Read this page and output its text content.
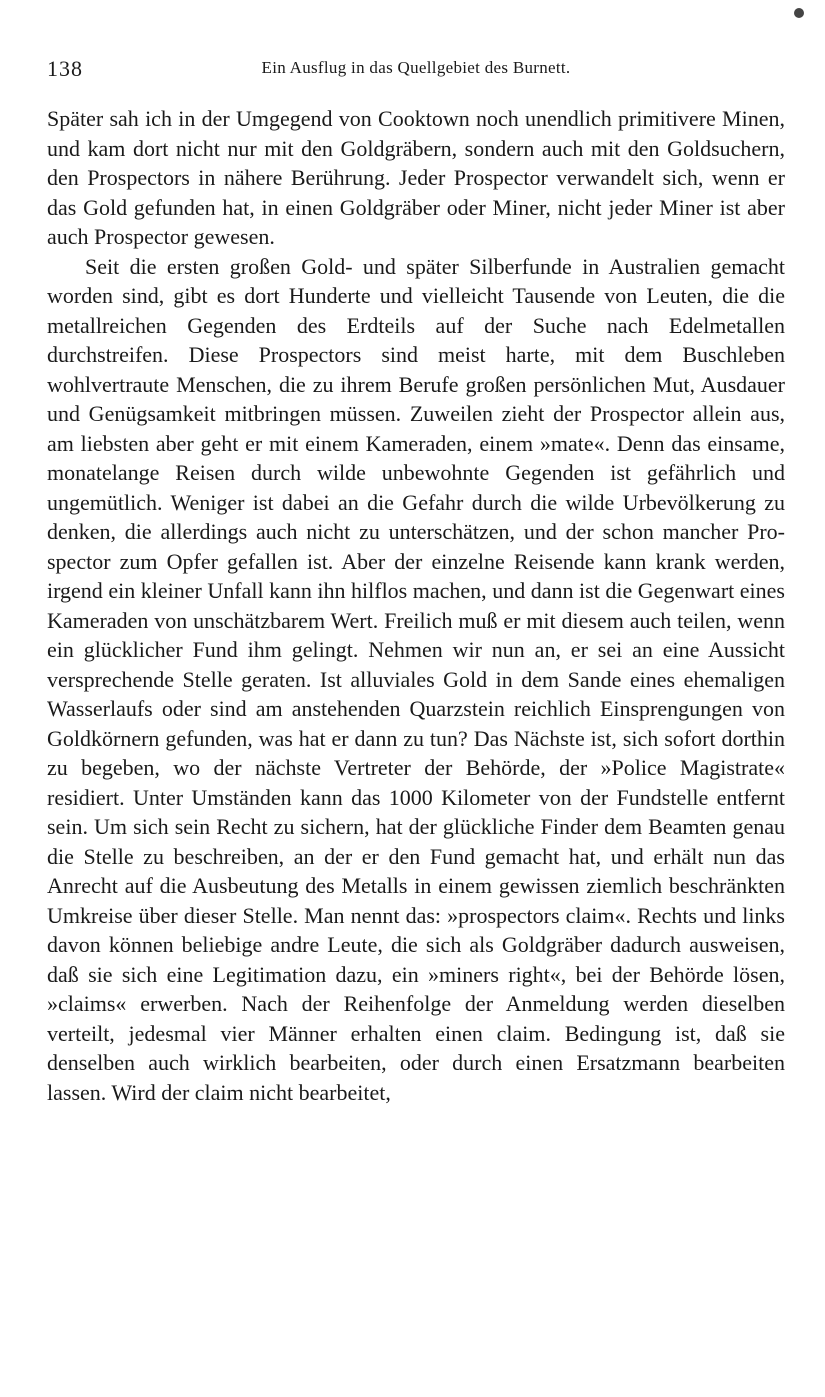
138	Ein Ausflug in das Quellgebiet des Burnett.

Später sah ich in der Umgegend von Cooktown noch unendlich primitivere Minen, und kam dort nicht nur mit den Goldgräbern, sondern auch mit den Goldsuchern, den Prospectors in nähere Berührung. Jeder Prospector verwandelt sich, wenn er das Gold gefunden hat, in einen Goldgräber oder Miner, nicht jeder Miner ist aber auch Prospector gewesen.

Seit die ersten großen Gold- und später Silberfunde in Australien gemacht worden sind, gibt es dort Hunderte und vielleicht Tausende von Leuten, die die metallreichen Gegenden des Erdteils auf der Suche nach Edelmetallen durchstreifen. Diese Prospectors sind meist harte, mit dem Buschleben wohlvertraute Menschen, die zu ihrem Berufe großen persönlichen Mut, Ausdauer und Genügsamkeit mitbringen müssen. Zuweilen zieht der Prospector allein aus, am liebsten aber geht er mit einem Kameraden, einem »mate«. Denn das einsame, monatelange Reisen durch wilde unbewohnte Gegenden ist gefährlich und ungemütlich. Weniger ist dabei an die Gefahr durch die wilde Urbevölkerung zu denken, die allerdings auch nicht zu unterschätzen, und der schon mancher Prospector zum Opfer gefallen ist. Aber der einzelne Reisende kann krank werden, irgend ein kleiner Unfall kann ihn hilflos machen, und dann ist die Gegenwart eines Kameraden von unschätzbarem Wert. Freilich muß er mit diesem auch teilen, wenn ein glücklicher Fund ihm gelingt. Nehmen wir nun an, er sei an eine Aussicht versprechende Stelle geraten. Ist alluviales Gold in dem Sande eines ehemaligen Wasserlaufs oder sind am anstehenden Quarzstein reichlich Einsprengungen von Goldkörnern gefunden, was hat er dann zu tun? Das Nächste ist, sich sofort dorthin zu begeben, wo der nächste Vertreter der Behörde, der »Police Magistrate« residiert. Unter Umständen kann das 1000 Kilometer von der Fundstelle entfernt sein. Um sich sein Recht zu sichern, hat der glückliche Finder dem Beamten genau die Stelle zu beschreiben, an der er den Fund gemacht hat, und erhält nun das Anrecht auf die Ausbeutung des Metalls in einem gewissen ziemlich beschränkten Umkreise über dieser Stelle. Man nennt das: »prospectors claim«. Rechts und links davon können beliebige andre Leute, die sich als Goldgräber dadurch ausweisen, daß sie sich eine Legitimation dazu, ein »miners right«, bei der Behörde lösen, »claims« erwerben. Nach der Reihenfolge der Anmeldung werden dieselben verteilt, jedesmal vier Männer erhalten einen claim. Bedingung ist, daß sie denselben auch wirklich bearbeiten, oder durch einen Ersatzmann bearbeiten lassen. Wird der claim nicht bearbeitet,
